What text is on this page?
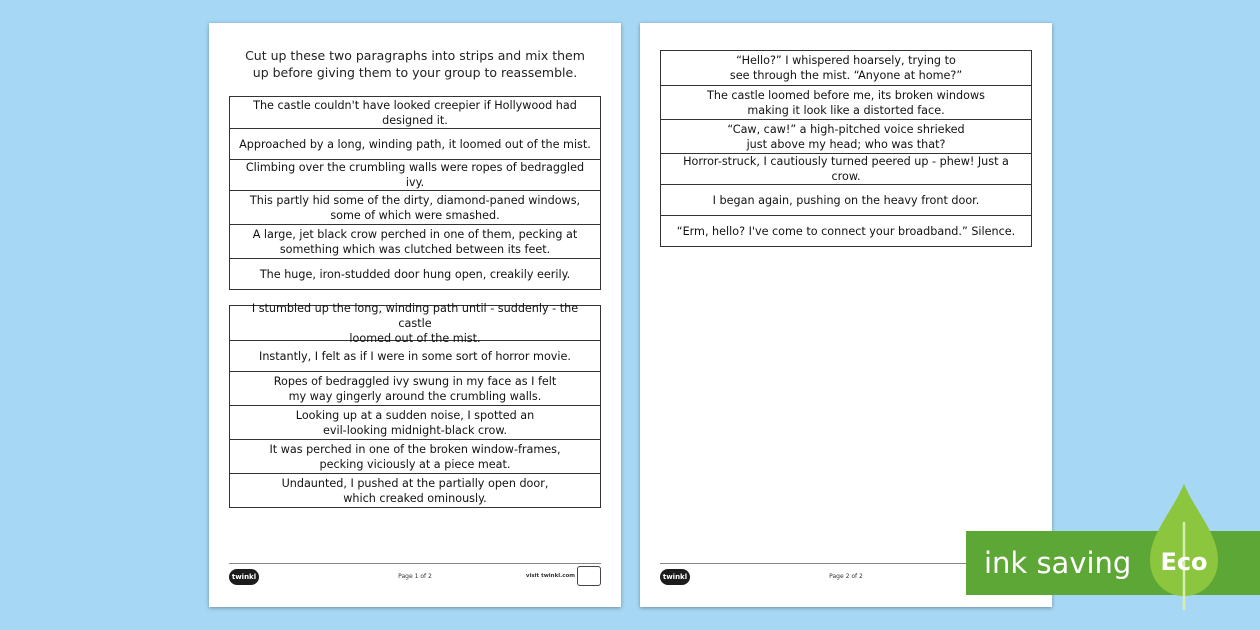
Cut up these two paragraphs into strips and mix them
up before giving them to your group to reassemble.
The castle couldn't have looked creepier if Hollywood had designed it.
Approached by a long, winding path, it loomed out of the mist.
Climbing over the crumbling walls were ropes of bedraggled ivy.
This partly hid some of the dirty, diamond-paned windows,
some of which were smashed.
A large, jet black crow perched in one of them, pecking at
something which was clutched between its feet.
The huge, iron-studded door hung open, creakily eerily.
I stumbled up the long, winding path until - suddenly - the castle
loomed out of the mist.
Instantly, I felt as if I were in some sort of horror movie.
Ropes of bedraggled ivy swung in my face as I felt
my way gingerly around the crumbling walls.
Looking up at a sudden noise, I spotted an
evil-looking midnight-black crow.
It was perched in one of the broken window-frames,
pecking viciously at a piece meat.
Undaunted, I pushed at the partially open door,
which creaked ominously.
twinkl	Page 1 of 2	visit twinkl.com
“Hello?” I whispered hoarsely, trying to
see through the mist. “Anyone at home?”
The castle loomed before me, its broken windows
making it look like a distorted face.
“Caw, caw!” a high-pitched voice shrieked
just above my head; who was that?
Horror-struck, I cautiously turned peered up - phew! Just a crow.
I began again, pushing on the heavy front door.
“Erm, hello? I've come to connect your broadband.” Silence.
twinkl	Page 2 of 2	ink saving Eco
